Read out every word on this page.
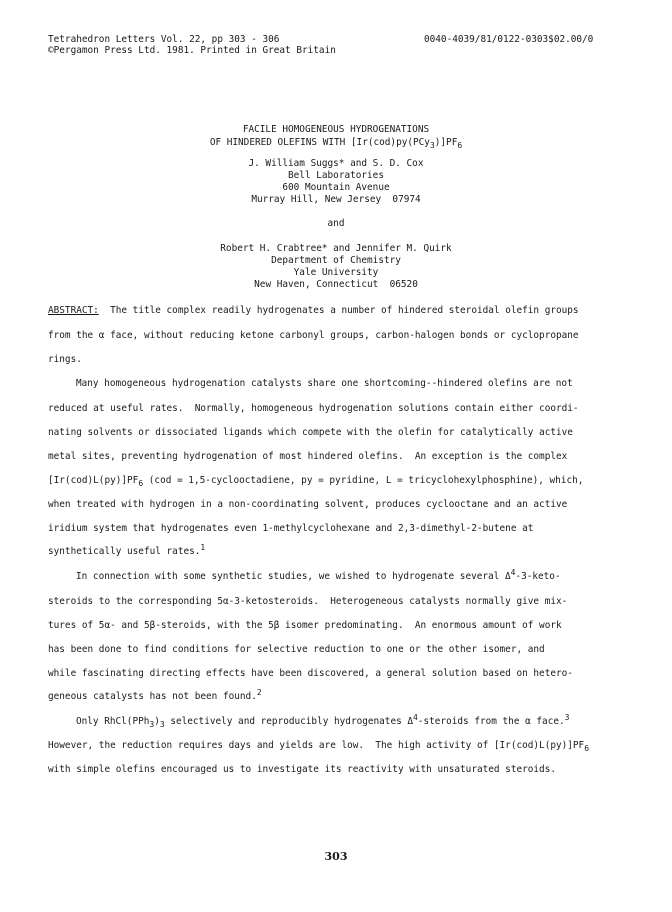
Tetrahedron Letters Vol. 22, pp 303 - 306
©Pergamon Press Ltd. 1981. Printed in Great Britain
0040-4039/81/0122-0303$02.00/0
FACILE HOMOGENEOUS HYDROGENATIONS
OF HINDERED OLEFINS WITH $[Ir(cod)py(PCy_3)]PF_6$
J. William Suggs* and S. D. Cox
Bell Laboratories
600 Mountain Avenue
Murray Hill, New Jersey  07974
and
Robert H. Crabtree* and Jennifer M. Quirk
Department of Chemistry
Yale University
New Haven, Connecticut  06520
ABSTRACT:  The title complex readily hydrogenates a number of hindered steroidal olefin groups
from the α face, without reducing ketone carbonyl groups, carbon-halogen bonds or cyclopropane
rings.
Many homogeneous hydrogenation catalysts share one shortcoming--hindered olefins are not
reduced at useful rates.  Normally, homogeneous hydrogenation solutions contain either coordi-
nating solvents or dissociated ligands which compete with the olefin for catalytically active
metal sites, preventing hydrogenation of most hindered olefins.  An exception is the complex
$[Ir(cod)L(py)]PF_6$ (cod = 1,5-cyclooctadiene, py = pyridine, L = tricyclohexylphosphine), which,
when treated with hydrogen in a non-coordinating solvent, produces cyclooctane and an active
iridium system that hydrogenates even 1-methylcyclohexane and 2,3-dimethyl-2-butene at
synthetically useful rates.$^1$
In connection with some synthetic studies, we wished to hydrogenate several $\Delta^4-3-keto-$
steroids to the corresponding 5α-3-ketosteroids.  Heterogeneous catalysts normally give mix-
tures of 5α- and 5β-steroids, with the 5β isomer predominating.  An enormous amount of work
has been done to find conditions for selective reduction to one or the other isomer, and
while fascinating directing effects have been discovered, a general solution based on hetero-
geneous catalysts has not been found.$^2$
Only $RhCl(PPh_3)_3$ selectively and reproducibly hydrogenates $\Delta^4$-steroids from the α face.$^3$
However, the reduction requires days and yields are low.  The high activity of $[Ir(cod)L(py)]PF_6$
with simple olefins encouraged us to investigate its reactivity with unsaturated steroids.
303
